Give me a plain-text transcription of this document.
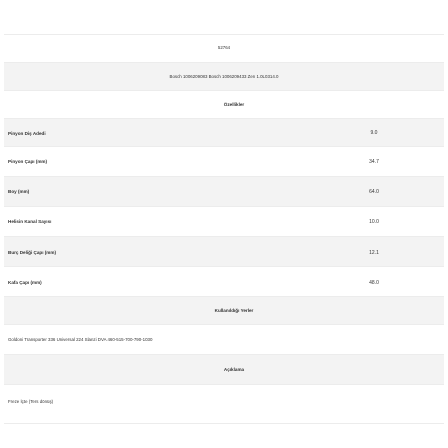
52764
Bosch 1006209083 Bosch 1006209433 Zen 1.0L0314.0
Özellikler
Pinyon Diş Adedi	9.0
Pinyon Çapı (mm)	34.7
Boy (mm)	64.0
Helisin Kanal Sayısı	10.0
Burç Deliği Çapı (mm)	12.1
Kafa Çapı (mm)	48.0
Kullanıldığı Yerler
Goldoni Transporter 336 Universal 224 Slanzi DVA 460-515-700-790-1030
Açıklama
Freze İçte (Ters dönüş)
